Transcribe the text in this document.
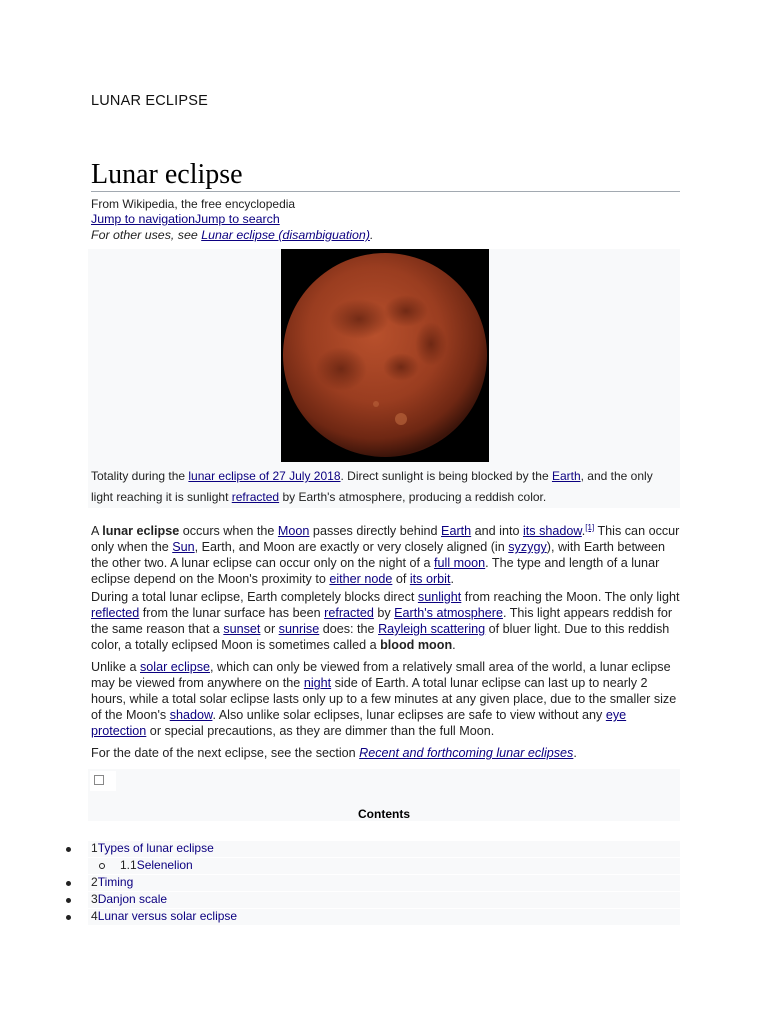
LUNAR ECLIPSE
Lunar eclipse
From Wikipedia, the free encyclopedia
Jump to navigationJump to search
For other uses, see Lunar eclipse (disambiguation).
Totality during the lunar eclipse of 27 July 2018. Direct sunlight is being blocked by the Earth, and the only light reaching it is sunlight refracted by Earth's atmosphere, producing a reddish color.

A lunar eclipse occurs when the Moon passes directly behind Earth and into its shadow.[1] This can occur only when the Sun, Earth, and Moon are exactly or very closely aligned (in syzygy), with Earth between the other two. A lunar eclipse can occur only on the night of a full moon. The type and length of a lunar eclipse depend on the Moon's proximity to either node of its orbit.

During a total lunar eclipse, Earth completely blocks direct sunlight from reaching the Moon. The only light reflected from the lunar surface has been refracted by Earth's atmosphere. This light appears reddish for the same reason that a sunset or sunrise does: the Rayleigh scattering of bluer light. Due to this reddish color, a totally eclipsed Moon is sometimes called a blood moon.

Unlike a solar eclipse, which can only be viewed from a relatively small area of the world, a lunar eclipse may be viewed from anywhere on the night side of Earth. A total lunar eclipse can last up to nearly 2 hours, while a total solar eclipse lasts only up to a few minutes at any given place, due to the smaller size of the Moon's shadow. Also unlike solar eclipses, lunar eclipses are safe to view without any eye protection or special precautions, as they are dimmer than the full Moon.

For the date of the next eclipse, see the section Recent and forthcoming lunar eclipses.

Contents
1Types of lunar eclipse
1.1Selenelion
2Timing
3Danjon scale
4Lunar versus solar eclipse
